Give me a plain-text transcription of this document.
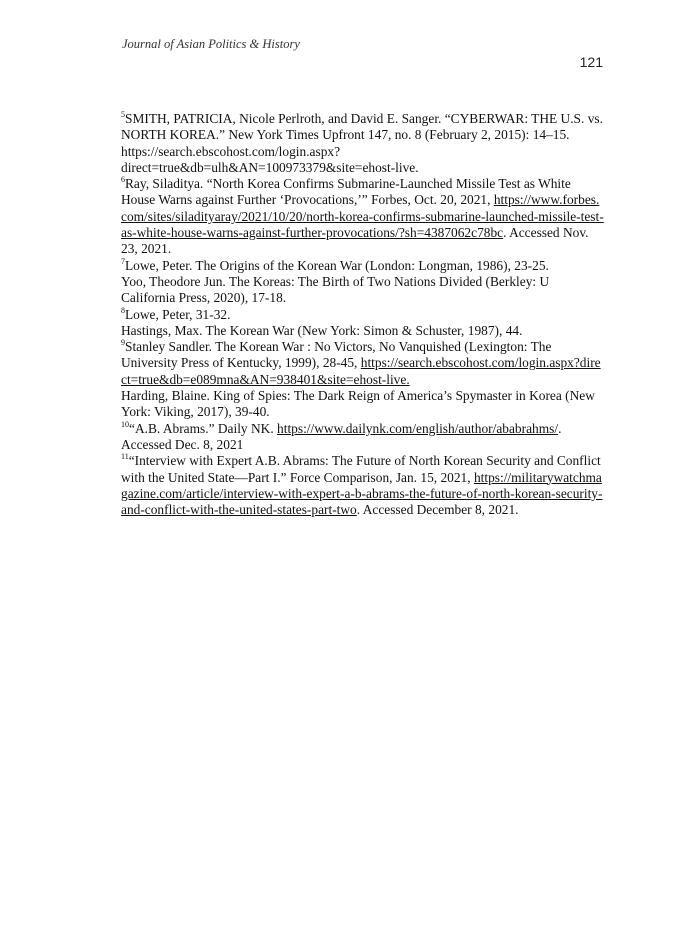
Journal of Asian Politics & History
121

$^5$SMITH, PATRICIA, Nicole Perlroth, and David E. Sanger. “CYBERWAR: THE U.S. vs. NORTH KOREA.” New York Times Upfront 147, no. 8 (February 2, 2015): 14–15. https://search.ebscohost.com/login.aspx?direct=true&db=ulh&AN=100973379&site=ehost-live.

$^6$Ray, Siladitya. “North Korea Confirms Submarine-Launched Missile Test as White House Warns against Further ‘Provocations,’” Forbes, Oct. 20, 2021, https://www.forbes.com/sites/siladityaray/2021/10/20/north-korea-confirms-submarine-launched-missile-test-as-white-house-warns-against-further-provocations/?sh=4387062c78bc. Accessed Nov. 23, 2021.

$^7$Lowe, Peter. The Origins of the Korean War (London: Longman, 1986), 23-25.

Yoo, Theodore Jun. The Koreas: The Birth of Two Nations Divided (Berkley: U California Press, 2020), 17-18.

$^8$Lowe, Peter, 31-32.

Hastings, Max. The Korean War (New York: Simon & Schuster, 1987), 44.

$^9$Stanley Sandler. The Korean War : No Victors, No Vanquished (Lexington: The University Press of Kentucky, 1999), 28-45, https://search.ebscohost.com/login.aspx?direct=true&db=e089mna&AN=938401&site=ehost-live.

Harding, Blaine. King of Spies: The Dark Reign of America’s Spymaster in Korea (New York: Viking, 2017), 39-40.

$^{10}$“A.B. Abrams.” Daily NK. https://www.dailynk.com/english/author/ababrahms/. Accessed Dec. 8, 2021

$^{11}$“Interview with Expert A.B. Abrams: The Future of North Korean Security and Conflict with the United State—Part I.” Force Comparison, Jan. 15, 2021, https://militarywatchmagazine.com/article/interview-with-expert-a-b-abrams-the-future-of-north-korean-security-and-conflict-with-the-united-states-part-two. Accessed December 8, 2021.
